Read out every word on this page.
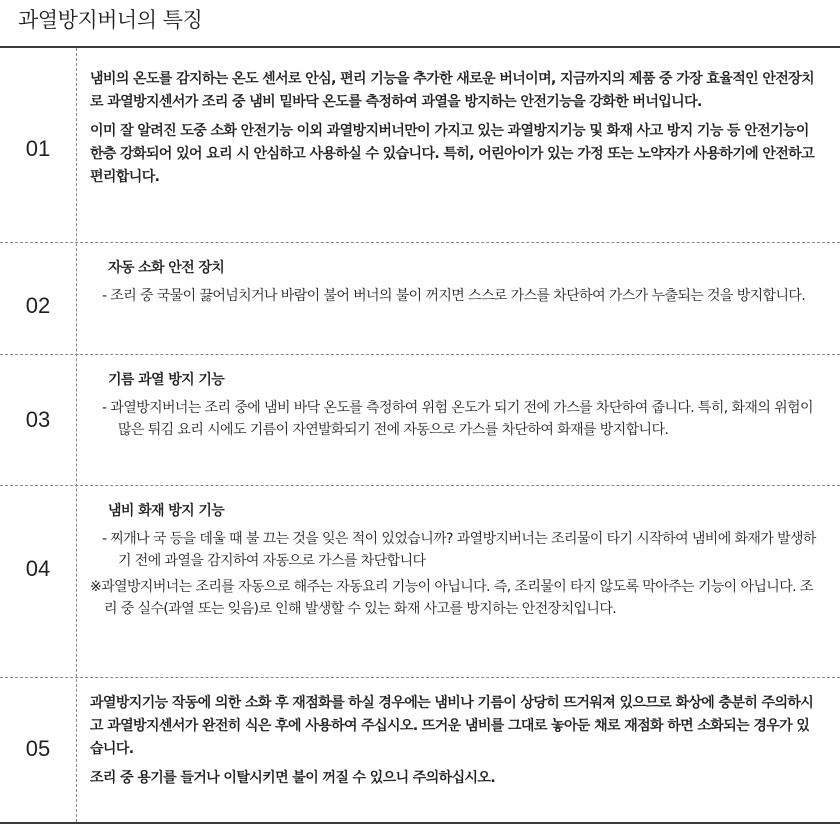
과열방지버너의 특징
01

냄비의 온도를 감지하는 온도 센서로 안심, 편리 기능을 추가한 새로운 버너이며, 지금까지의 제품 중 가장 효율적인 안전장치로 과열방지센서가 조리 중 냄비 밑바닥 온도를 측정하여 과열을 방지하는 안전기능을 강화한 버너입니다.

이미 잘 알려진 도중 소화 안전기능 이외 과열방지버너만이 가지고 있는 과열방지기능 및 화재 사고 방지 기능 등 안전기능이 한층 강화되어 있어 요리 시 안심하고 사용하실 수 있습니다. 특히, 어린아이가 있는 가정 또는 노약자가 사용하기에 안전하고 편리합니다.

02

자동 소화 안전 장치

- 조리 중 국물이 끓어넘치거나 바람이 불어 버너의 불이 꺼지면 스스로 가스를 차단하여 가스가 누출되는 것을 방지합니다.

03

기름 과열 방지 기능

- 과열방지버너는 조리 중에 냄비 바닥 온도를 측정하여 위험 온도가 되기 전에 가스를 차단하여 줍니다. 특히, 화재의 위험이 많은 튀김 요리 시에도 기름이 자연발화되기 전에 자동으로 가스를 차단하여 화재를 방지합니다.

04

냄비 화재 방지 기능

- 찌개나 국 등을 데울 때 불 끄는 것을 잊은 적이 있었습니까? 과열방지버너는 조리물이 타기 시작하여 냄비에 화재가 발생하기 전에 과열을 감지하여 자동으로 가스를 차단합니다

※과열방지버너는 조리를 자동으로 해주는 자동요리 기능이 아닙니다. 즉, 조리물이 타지 않도록 막아주는 기능이 아닙니다. 조리 중 실수(과열 또는 잊음)로 인해 발생할 수 있는 화재 사고를 방지하는 안전장치입니다.

05

과열방지기능 작동에 의한 소화 후 재점화를 하실 경우에는 냄비나 기름이 상당히 뜨거워져 있으므로 화상에 충분히 주의하시고 과열방지센서가 완전히 식은 후에 사용하여 주십시오. 뜨거운 냄비를 그대로 놓아둔 채로 재점화 하면 소화되는 경우가 있습니다.

조리 중 용기를 들거나 이탈시키면 불이 꺼질 수 있으니 주의하십시오.
